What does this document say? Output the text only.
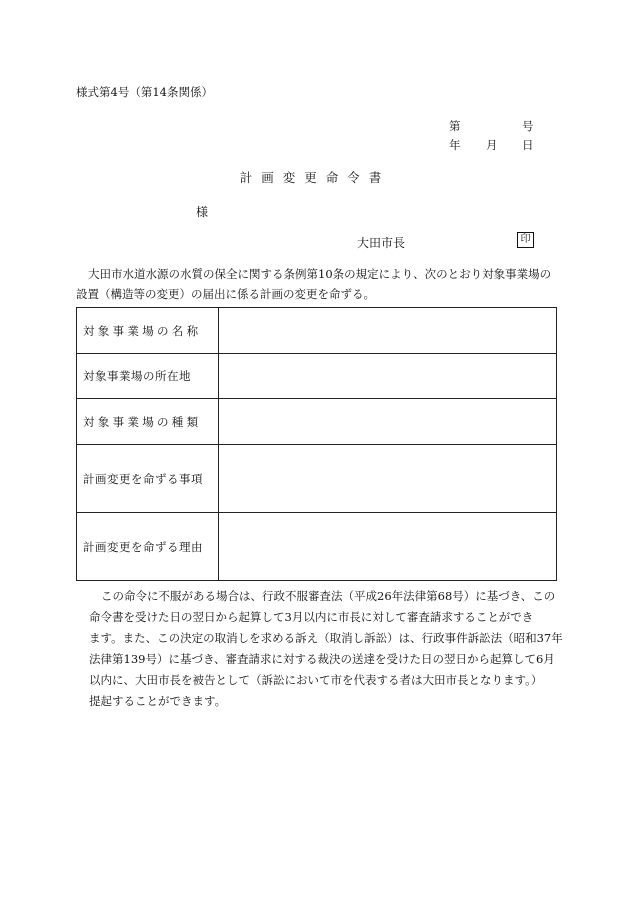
様式第4号（第14条関係）
第	号
年 月 日
計画変更命令書
様
大田市長	印
大田市水道水源の水質の保全に関する条例第10条の規定により、次のとおり対象事業場の設置（構造等の変更）の届出に係る計画の変更を命ずる。
対象事業場の名称	
対象事業場の所在地	
対象事業場の種類	
計画変更を命ずる事項	
計画変更を命ずる理由	
この命令に不服がある場合は、行政不服審査法（平成26年法律第68号）に基づき、この
命令書を受けた日の翌日から起算して3月以内に市長に対して審査請求することができ
ます。また、この決定の取消しを求める訴え（取消し訴訟）は、行政事件訴訟法（昭和37年
法律第139号）に基づき、審査請求に対する裁決の送達を受けた日の翌日から起算して6月
以内に、大田市長を被告として（訴訟において市を代表する者は大田市長となります。）
提起することができます。
